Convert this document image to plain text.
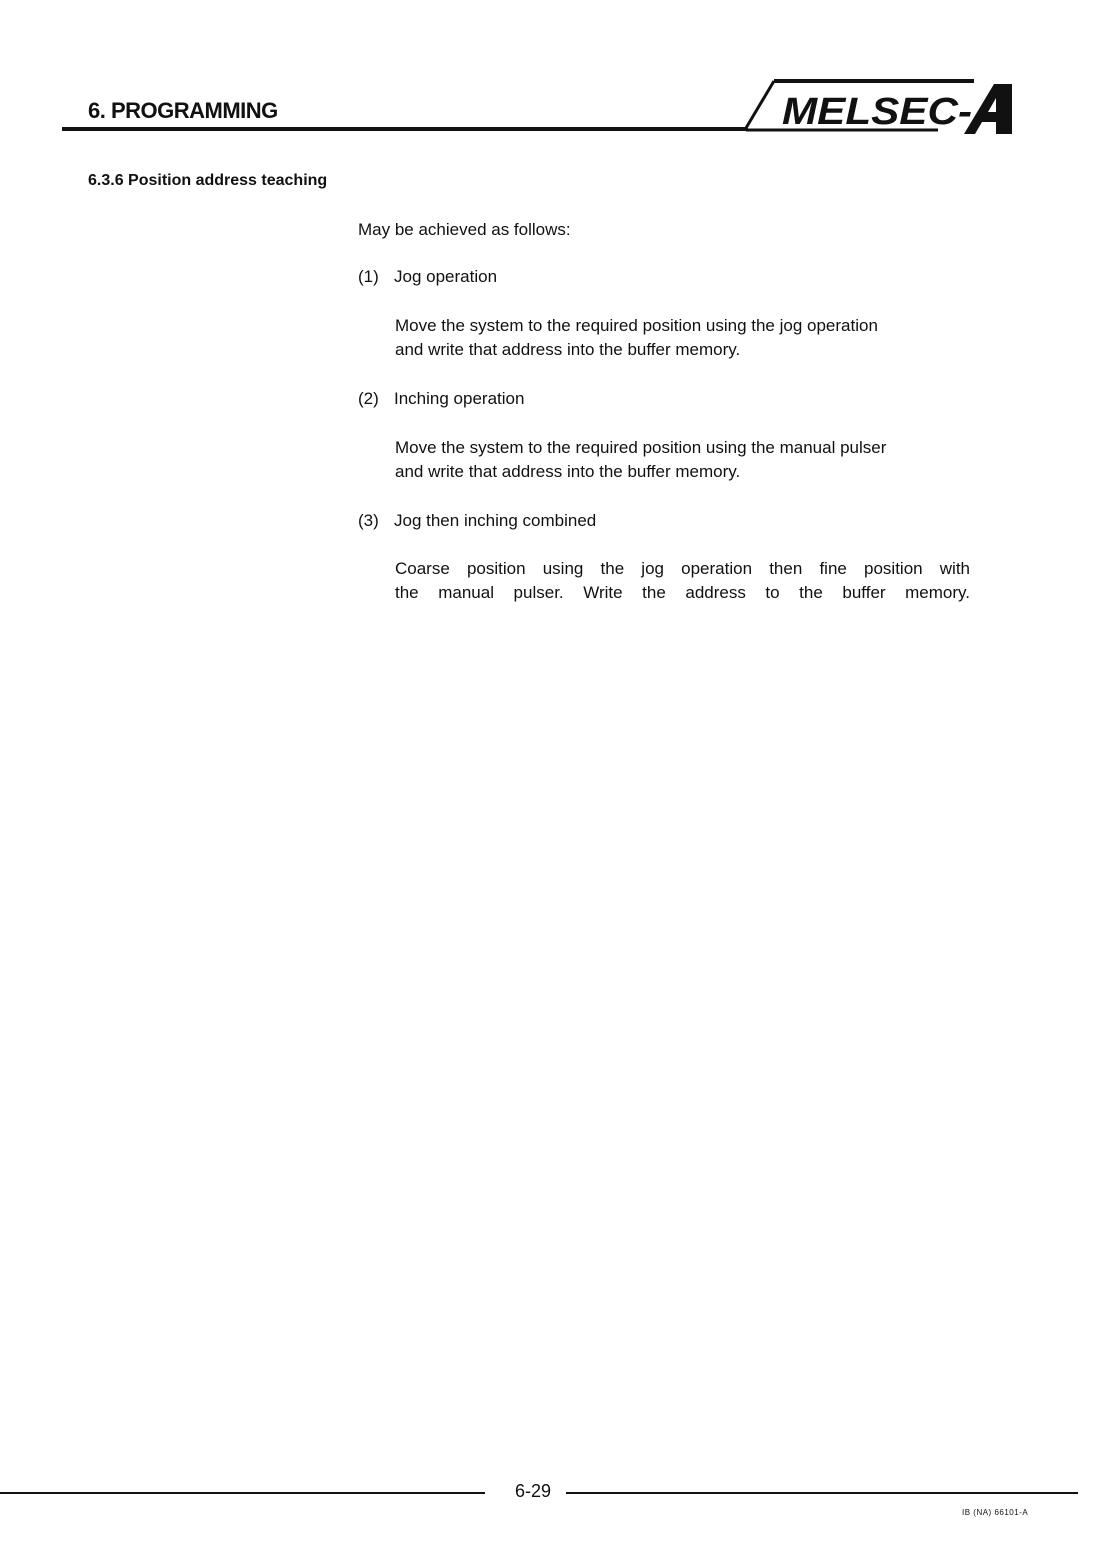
6. PROGRAMMING	MELSEC-
6.3.6 Position address teaching

May be achieved as follows:

(1) Jog operation

Move the system to the required position using the jog operation
and write that address into the buffer memory.

(2) Inching operation

Move the system to the required position using the manual pulser
and write that address into the buffer memory.

(3) Jog then inching combined

Coarse position using the jog operation then fine position with
the manual pulser. Write the address to the buffer memory.
6-29
IB (NA) 66101-A
